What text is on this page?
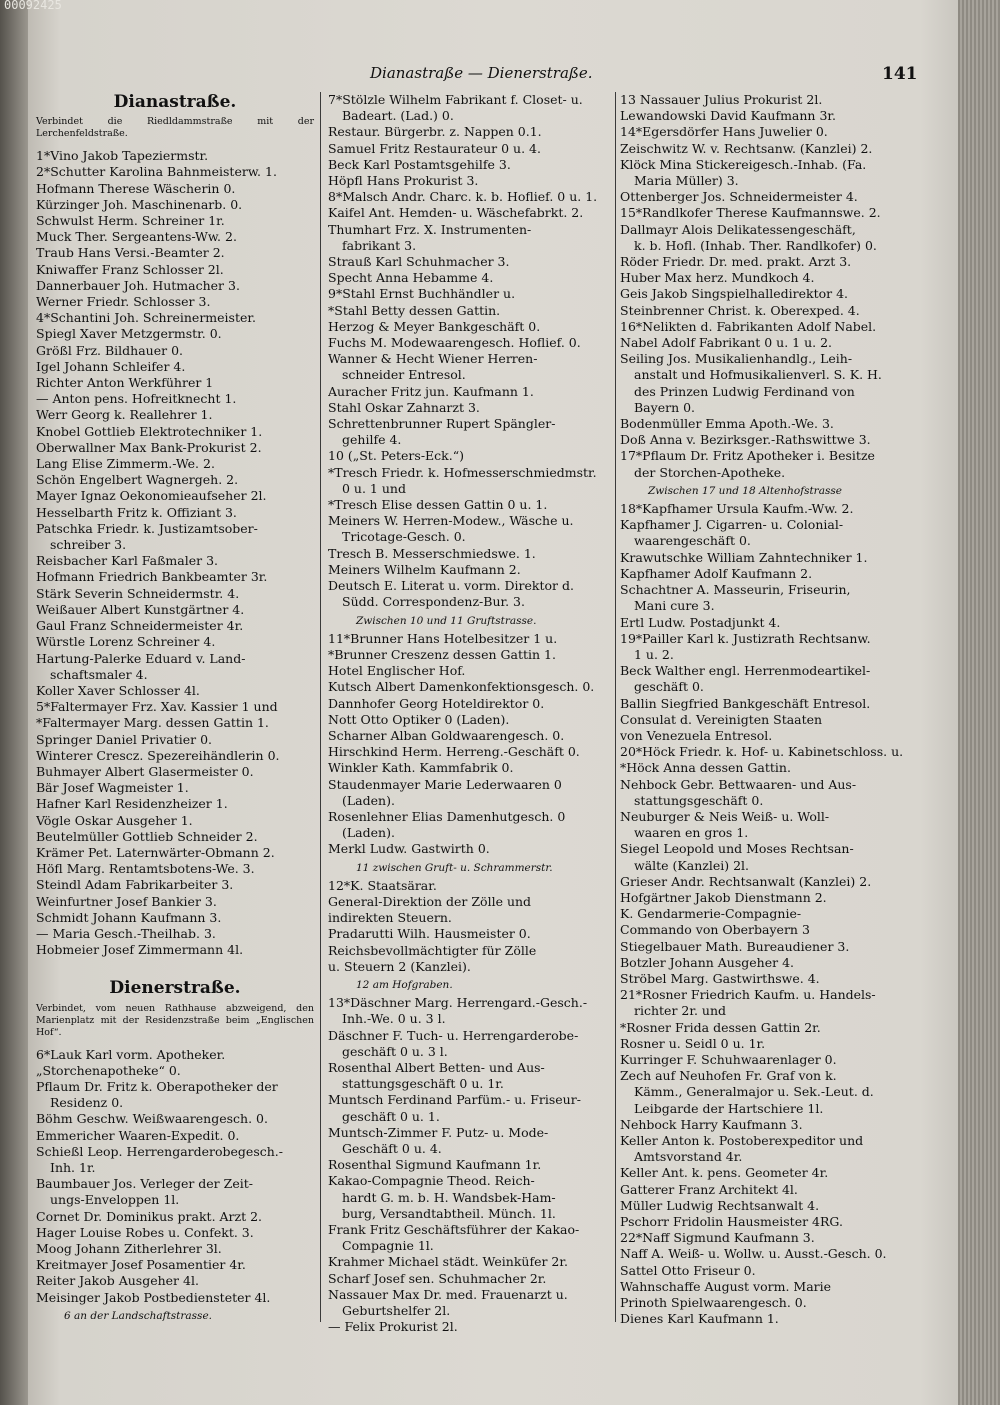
00092425
Dianastraße — Dienerstraße.	141
Dianastraße.
Verbindet die Riedldammstraße mit der Lerchenfeldstraße.
1*Vino Jakob Tapeziermstr.
2*Schutter Karolina Bahnmeisterw. 1.
Hofmann Therese Wäscherin 0.
Kürzinger Joh. Maschinenarb. 0.
Schwulst Herm. Schreiner 1r.
Muck Ther. Sergeantens-Ww. 2.
Traub Hans Versi.-Beamter 2.
Kniwaffer Franz Schlosser 2l.
Dannerbauer Joh. Hutmacher 3.
Werner Friedr. Schlosser 3.
4*Schantini Joh. Schreinermeister.
Spiegl Xaver Metzgermstr. 0.
Größl Frz. Bildhauer 0.
Igel Johann Schleifer 4.
Richter Anton Werkführer 1
— Anton pens. Hofreitknecht 1.
Werr Georg k. Reallehrer 1.
Knobel Gottlieb Elektrotechniker 1.
Oberwallner Max Bank-Prokurist 2.
Lang Elise Zimmerm.-We. 2.
Schön Engelbert Wagnergeh. 2.
Mayer Ignaz Oekonomieaufseher 2l.
Hesselbarth Fritz k. Offiziant 3.
Patschka Friedr. k. Justizamtsober-
schreiber 3.
Reisbacher Karl Faßmaler 3.
Hofmann Friedrich Bankbeamter 3r.
Stärk Severin Schneidermstr. 4.
Weißauer Albert Kunstgärtner 4.
Gaul Franz Schneidermeister 4r.
Würstle Lorenz Schreiner 4.
Hartung-Palerke Eduard v. Land-
schaftsmaler 4.
Koller Xaver Schlosser 4l.
5*Faltermayer Frz. Xav. Kassier 1 und
*Faltermayer Marg. dessen Gattin 1.
Springer Daniel Privatier 0.
Winterer Crescz. Spezereihändlerin 0.
Buhmayer Albert Glasermeister 0.
Bär Josef Wagmeister 1.
Hafner Karl Residenzheizer 1.
Vögle Oskar Ausgeher 1.
Beutelmüller Gottlieb Schneider 2.
Krämer Pet. Laternwärter-Obmann 2.
Höfl Marg. Rentamtsbotens-We. 3.
Steindl Adam Fabrikarbeiter 3.
Weinfurtner Josef Bankier 3.
Schmidt Johann Kaufmann 3.
— Maria Gesch.-Theilhab. 3.
Hobmeier Josef Zimmermann 4l.
Dienerstraße.
Verbindet, vom neuen Rathhause abzweigend, den Marienplatz mit der Residenzstraße beim „Englischen Hof“.
6*Lauk Karl vorm. Apotheker.
„Storchenapotheke“ 0.
Pflaum Dr. Fritz k. Oberapotheker der
Residenz 0.
Böhm Geschw. Weißwaarengesch. 0.
Emmericher Waaren-Expedit. 0.
Schießl Leop. Herrengarderobegesch.-
Inh. 1r.
Baumbauer Jos. Verleger der Zeit-
ungs-Enveloppen 1l.
Cornet Dr. Dominikus prakt. Arzt 2.
Hager Louise Robes u. Confekt. 3.
Moog Johann Zitherlehrer 3l.
Kreitmayer Josef Posamentier 4r.
Reiter Jakob Ausgeher 4l.
Meisinger Jakob Postbediensteter 4l.
6 an der Landschaftstrasse.
7*Stölzle Wilhelm Fabrikant f. Closet- u.
Badeart. (Lad.) 0.
Restaur. Bürgerbr. z. Nappen 0.1.
Samuel Fritz Restaurateur 0 u. 4.
Beck Karl Postamtsgehilfe 3.
Höpfl Hans Prokurist 3.
8*Malsch Andr. Charc. k. b. Hoflief. 0 u. 1.
Kaifel Ant. Hemden- u. Wäschefabrkt. 2.
Thumhart Frz. X. Instrumenten-
fabrikant 3.
Strauß Karl Schuhmacher 3.
Specht Anna Hebamme 4.
9*Stahl Ernst Buchhändler u.
*Stahl Betty dessen Gattin.
Herzog & Meyer Bankgeschäft 0.
Fuchs M. Modewaarengesch. Hoflief. 0.
Wanner & Hecht Wiener Herren-
schneider Entresol.
Auracher Fritz jun. Kaufmann 1.
Stahl Oskar Zahnarzt 3.
Schrettenbrunner Rupert Spängler-
gehilfe 4.
10 („St. Peters-Eck.“)
*Tresch Friedr. k. Hofmesserschmiedmstr.
0 u. 1 und
*Tresch Elise dessen Gattin 0 u. 1.
Meiners W. Herren-Modew., Wäsche u.
Tricotage-Gesch. 0.
Tresch B. Messerschmiedswe. 1.
Meiners Wilhelm Kaufmann 2.
Deutsch E. Literat u. vorm. Direktor d.
Südd. Correspondenz-Bur. 3.
Zwischen 10 und 11 Gruftstrasse.
11*Brunner Hans Hotelbesitzer 1 u.
*Brunner Creszenz dessen Gattin 1.
Hotel Englischer Hof.
Kutsch Albert Damenkonfektionsgesch. 0.
Dannhofer Georg Hoteldirektor 0.
Nott Otto Optiker 0 (Laden).
Scharner Alban Goldwaarengesch. 0.
Hirschkind Herm. Herreng.-Geschäft 0.
Winkler Kath. Kammfabrik 0.
Staudenmayer Marie Lederwaaren 0
(Laden).
Rosenlehner Elias Damenhutgesch. 0
(Laden).
Merkl Ludw. Gastwirth 0.
11 zwischen Gruft- u. Schrammerstr.
12*K. Staatsärar.
General-Direktion der Zölle und
indirekten Steuern.
Pradarutti Wilh. Hausmeister 0.
Reichsbevollmächtigter für Zölle
u. Steuern 2 (Kanzlei).
12 am Hofgraben.
13*Däschner Marg. Herrengard.-Gesch.-
Inh.-We. 0 u. 3 l.
Däschner F. Tuch- u. Herrengarderobe-
geschäft 0 u. 3 l.
Rosenthal Albert Betten- und Aus-
stattungsgeschäft 0 u. 1r.
Muntsch Ferdinand Parfüm.- u. Friseur-
geschäft 0 u. 1.
Muntsch-Zimmer F. Putz- u. Mode-
Geschäft 0 u. 4.
Rosenthal Sigmund Kaufmann 1r.
Kakao-Compagnie Theod. Reich-
hardt G. m. b. H. Wandsbek-Ham-
burg, Versandtabtheil. Münch. 1l.
Frank Fritz Geschäftsführer der Kakao-
Compagnie 1l.
Krahmer Michael städt. Weinküfer 2r.
Scharf Josef sen. Schuhmacher 2r.
Nassauer Max Dr. med. Frauenarzt u.
Geburtshelfer 2l.
— Felix Prokurist 2l.
13 Nassauer Julius Prokurist 2l.
Lewandowski David Kaufmann 3r.
14*Egersdörfer Hans Juwelier 0.
Zeischwitz W. v. Rechtsanw. (Kanzlei) 2.
Klöck Mina Stickereigesch.-Inhab. (Fa.
Maria Müller) 3.
Ottenberger Jos. Schneidermeister 4.
15*Randlkofer Therese Kaufmannswe. 2.
Dallmayr Alois Delikatessengeschäft,
k. b. Hofl. (Inhab. Ther. Randlkofer) 0.
Röder Friedr. Dr. med. prakt. Arzt 3.
Huber Max herz. Mundkoch 4.
Geis Jakob Singspielhalledirektor 4.
Steinbrenner Christ. k. Oberexped. 4.
16*Nelikten d. Fabrikanten Adolf Nabel.
Nabel Adolf Fabrikant 0 u. 1 u. 2.
Seiling Jos. Musikalienhandlg., Leih-
anstalt und Hofmusikalienverl. S. K. H.
des Prinzen Ludwig Ferdinand von
Bayern 0.
Bodenmüller Emma Apoth.-We. 3.
Doß Anna v. Bezirksger.-Rathswittwe 3.
17*Pflaum Dr. Fritz Apotheker i. Besitze
der Storchen-Apotheke.
Zwischen 17 und 18 Altenhofstrasse
18*Kapfhamer Ursula Kaufm.-Ww. 2.
Kapfhamer J. Cigarren- u. Colonial-
waarengeschäft 0.
Krawutschke William Zahntechniker 1.
Kapfhamer Adolf Kaufmann 2.
Schachtner A. Masseurin, Friseurin,
Mani cure 3.
Ertl Ludw. Postadjunkt 4.
19*Pailler Karl k. Justizrath Rechtsanw.
1 u. 2.
Beck Walther engl. Herrenmodeartikel-
geschäft 0.
Ballin Siegfried Bankgeschäft Entresol.
Consulat d. Vereinigten Staaten
von Venezuela Entresol.
20*Höck Friedr. k. Hof- u. Kabinetschloss. u.
*Höck Anna dessen Gattin.
Nehbock Gebr. Bettwaaren- und Aus-
stattungsgeschäft 0.
Neuburger & Neis Weiß- u. Woll-
waaren en gros 1.
Siegel Leopold und Moses Rechtsan-
wälte (Kanzlei) 2l.
Grieser Andr. Rechtsanwalt (Kanzlei) 2.
Hofgärtner Jakob Dienstmann 2.
K. Gendarmerie-Compagnie-
Commando von Oberbayern 3
Stiegelbauer Math. Bureaudiener 3.
Botzler Johann Ausgeher 4.
Ströbel Marg. Gastwirthswe. 4.
21*Rosner Friedrich Kaufm. u. Handels-
richter 2r. und
*Rosner Frida dessen Gattin 2r.
Rosner u. Seidl 0 u. 1r.
Kurringer F. Schuhwaarenlager 0.
Zech auf Neuhofen Fr. Graf von k.
Kämm., Generalmajor u. Sek.-Leut. d.
Leibgarde der Hartschiere 1l.
Nehbock Harry Kaufmann 3.
Keller Anton k. Postoberexpeditor und
Amtsvorstand 4r.
Keller Ant. k. pens. Geometer 4r.
Gatterer Franz Architekt 4l.
Müller Ludwig Rechtsanwalt 4.
Pschorr Fridolin Hausmeister 4RG.
22*Naff Sigmund Kaufmann 3.
Naff A. Weiß- u. Wollw. u. Ausst.-Gesch. 0.
Sattel Otto Friseur 0.
Wahnschaffe August vorm. Marie
Prinoth Spielwaarengesch. 0.
Dienes Karl Kaufmann 1.
